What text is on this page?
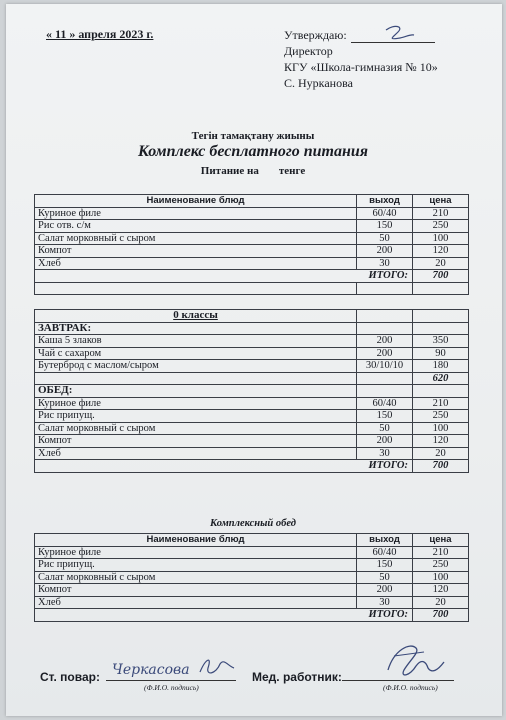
« 11 » апреля 2023 г.	Утверждаю:
Директор
КГУ «Школа-гимназия № 10»
С. Нурканова
Тегін тамақтану жиыны
Комплекс бесплатного питания
Питание на тенге
Наименование блюд	выход	цена
Куриное филе	60/40	210
Рис отв. с/м	150	250
Салат морковный с сыром	50	100
Компот	200	120
Хлеб	30	20
ИТОГО:		700

0 классы		
ЗАВТРАК:		
Каша 5 злаков	200	350
Чай с сахаром	200	90
Бутерброд с маслом/сыром	30/10/10	180
		620
ОБЕД:		
Куриное филе	60/40	210
Рис припущ.	150	250
Салат морковный с сыром	50	100
Компот	200	120
Хлеб	30	20
ИТОГО:		700
Комплексный обед
Наименование блюд	выход	цена
Куриное филе	60/40	210
Рис припущ.	150	250
Салат морковный с сыром	50	100
Компот	200	120
Хлеб	30	20
ИТОГО:		700
Ст. повар: Черкасова
(Ф.И.О. подпись)
Мед. работник:
(Ф.И.О. подпись)
